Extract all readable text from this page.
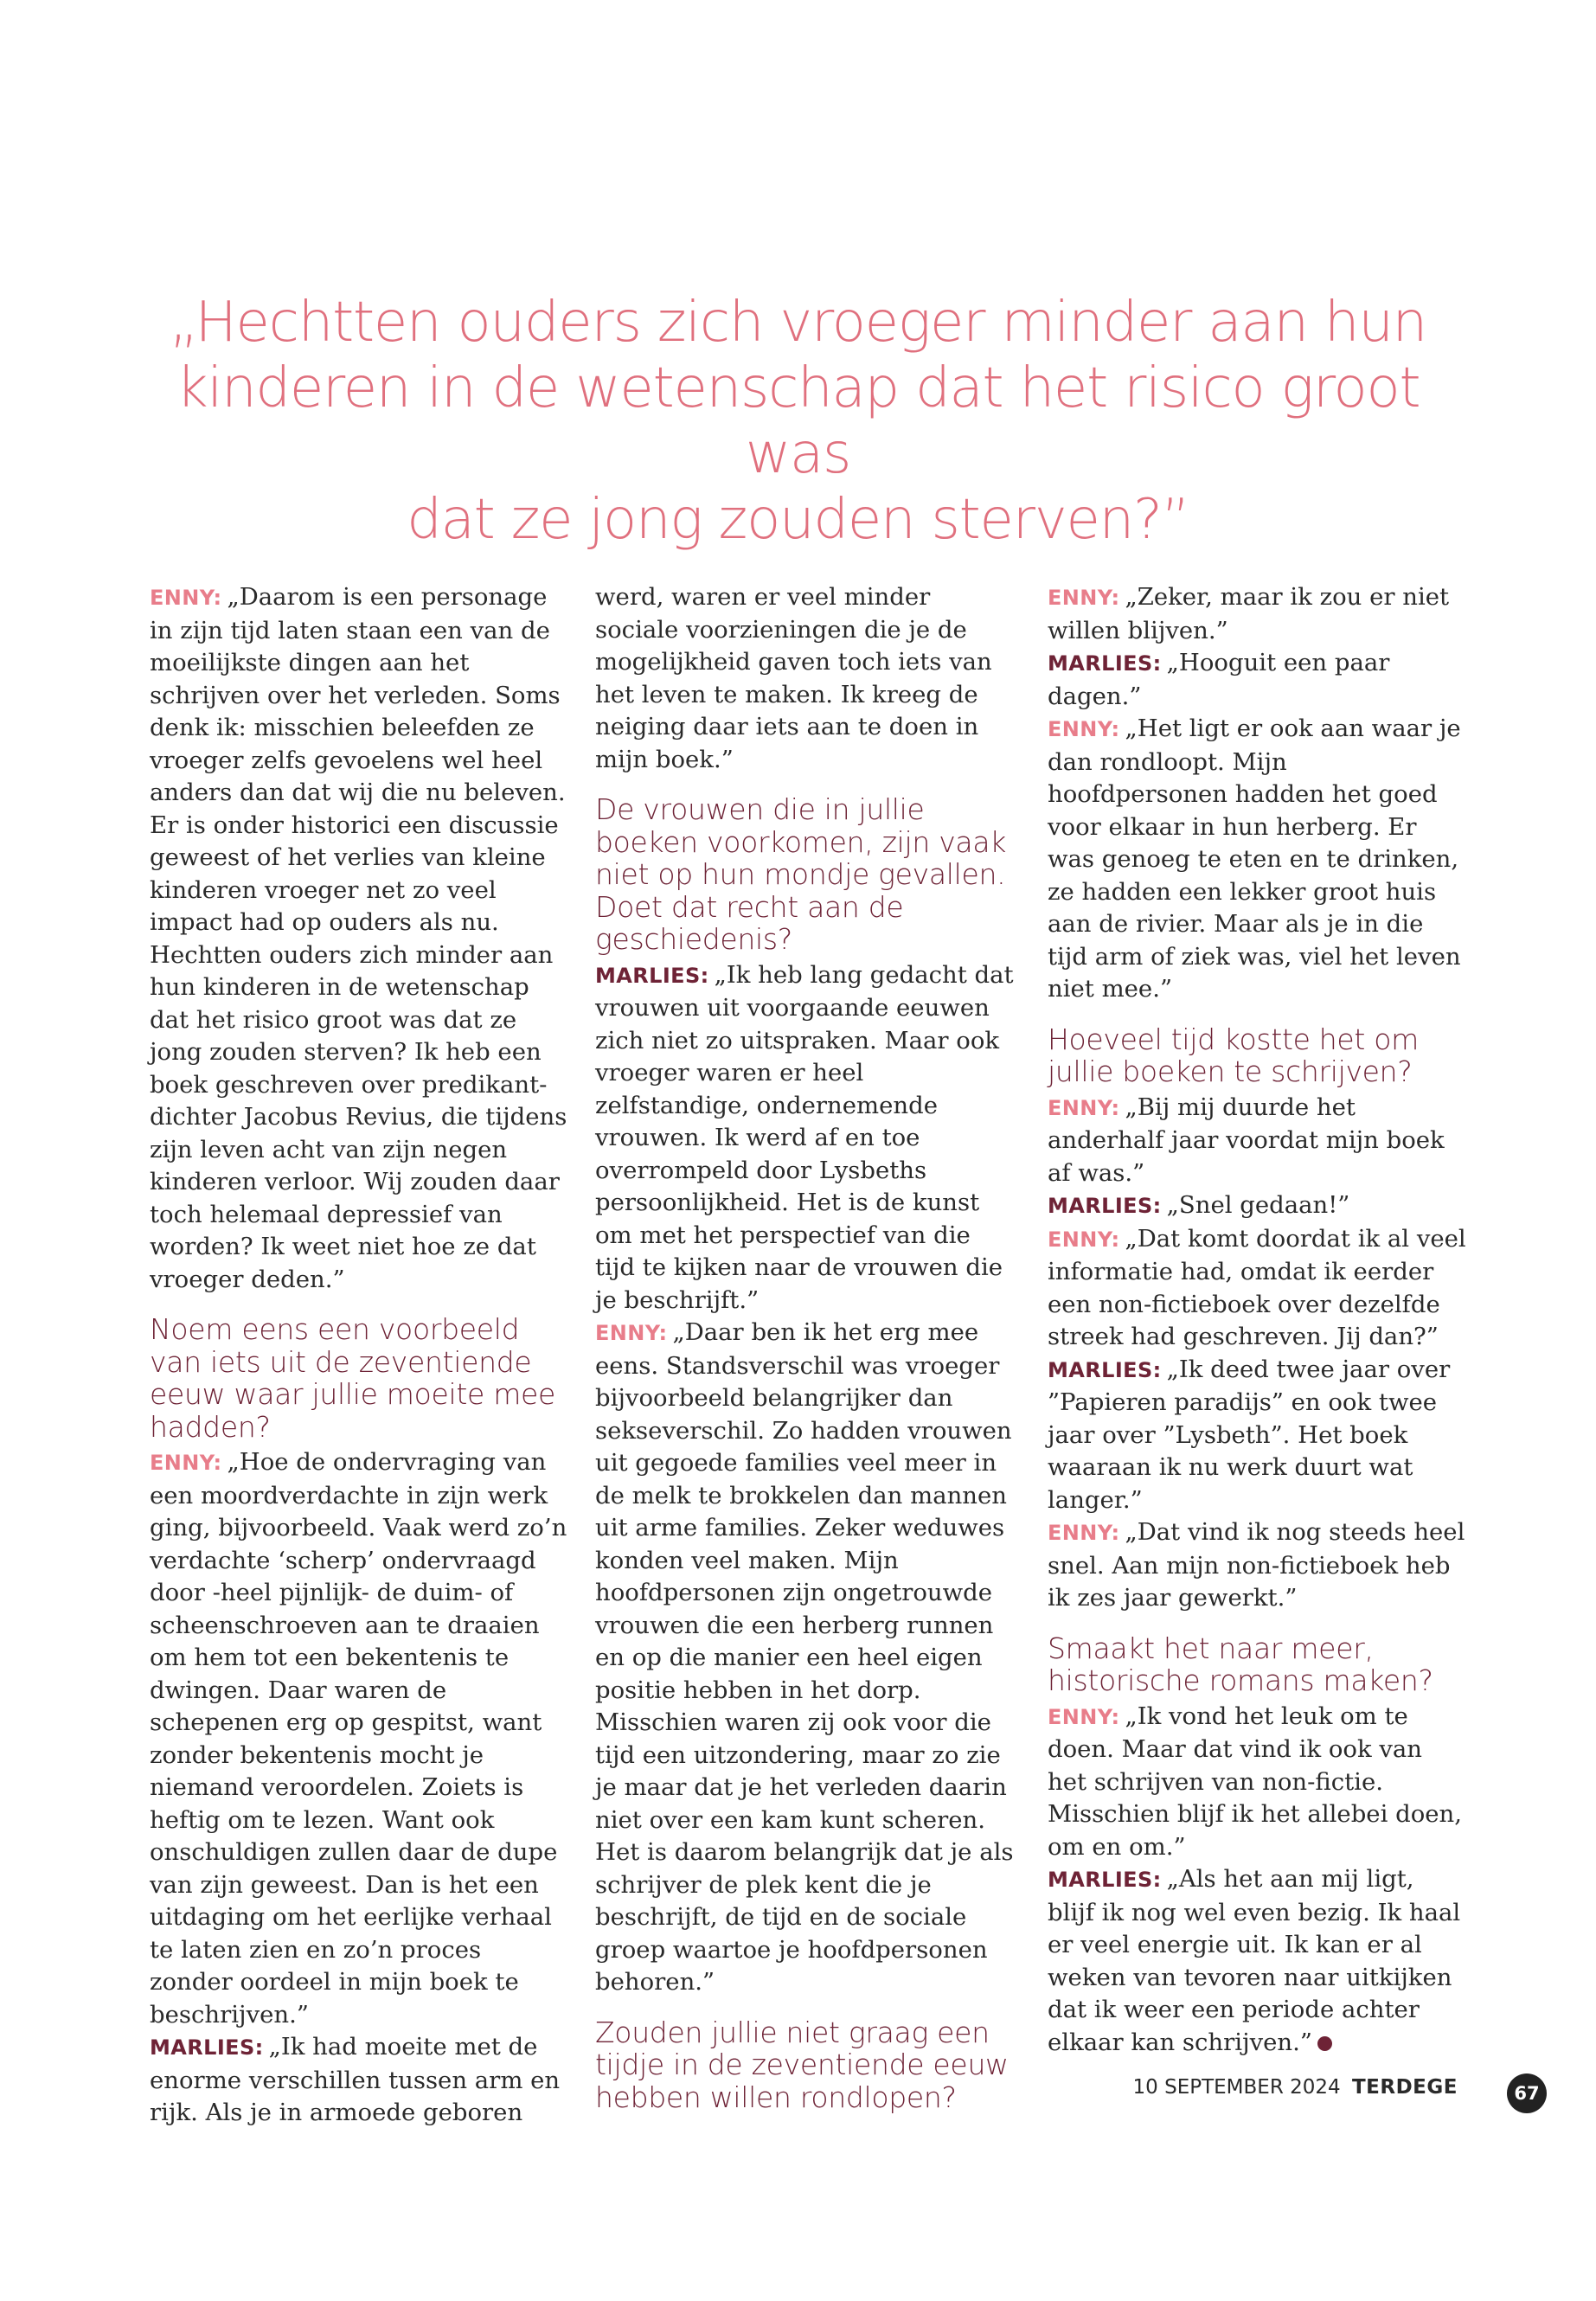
„Hechtten ouders zich vroeger minder aan hun
kinderen in de wetenschap dat het risico groot was
dat ze jong zouden sterven?”

ENNY: „Daarom is een personage in zijn tijd laten staan een van de moeilijkste dingen aan het schrijven over het verleden. Soms denk ik: misschien beleefden ze vroeger zelfs gevoelens wel heel anders dan dat wij die nu beleven. Er is onder historici een discussie geweest of het verlies van kleine kinderen vroeger net zo veel impact had op ouders als nu. Hechtten ouders zich minder aan hun kinderen in de wetenschap dat het risico groot was dat ze jong zouden sterven? Ik heb een boek geschreven over predikant-dichter Jacobus Revius, die tijdens zijn leven acht van zijn negen kinderen verloor. Wij zouden daar toch helemaal depressief van worden? Ik weet niet hoe ze dat vroeger deden.”

Noem eens een voorbeeld van iets uit de zeventiende eeuw waar jullie moeite mee hadden?

ENNY: „Hoe de ondervraging van een moordverdachte in zijn werk ging, bijvoorbeeld. Vaak werd zo’n verdachte ‘scherp’ ondervraagd door -heel pijnlijk- de duim- of scheenschroeven aan te draaien om hem tot een bekentenis te dwingen. Daar waren de schepenen erg op gespitst, want zonder bekentenis mocht je niemand veroordelen. Zoiets is heftig om te lezen. Want ook onschuldigen zullen daar de dupe van zijn geweest. Dan is het een uitdaging om het eerlijke verhaal te laten zien en zo’n proces zonder oordeel in mijn boek te beschrijven.”

MARLIES: „Ik had moeite met de enorme verschillen tussen arm en rijk. Als je in armoede geboren

werd, waren er veel minder sociale voorzieningen die je de mogelijkheid gaven toch iets van het leven te maken. Ik kreeg de neiging daar iets aan te doen in mijn boek.”

De vrouwen die in jullie boeken voorkomen, zijn vaak niet op hun mondje gevallen. Doet dat recht aan de geschiedenis?

MARLIES: „Ik heb lang gedacht dat vrouwen uit voorgaande eeuwen zich niet zo uitspraken. Maar ook vroeger waren er heel zelfstandige, ondernemende vrouwen. Ik werd af en toe overrompeld door Lysbeths persoonlijkheid. Het is de kunst om met het perspectief van die tijd te kijken naar de vrouwen die je beschrijft.”

ENNY: „Daar ben ik het erg mee eens. Standsverschil was vroeger bijvoorbeeld belangrijker dan sekseverschil. Zo hadden vrouwen uit gegoede families veel meer in de melk te brokkelen dan mannen uit arme families. Zeker weduwes konden veel maken. Mijn hoofdpersonen zijn ongetrouwde vrouwen die een herberg runnen en op die manier een heel eigen positie hebben in het dorp. Misschien waren zij ook voor die tijd een uitzondering, maar zo zie je maar dat je het verleden daarin niet over een kam kunt scheren. Het is daarom belangrijk dat je als schrijver de plek kent die je beschrijft, de tijd en de sociale groep waartoe je hoofdpersonen behoren.”

Zouden jullie niet graag een tijdje in de zeventiende eeuw hebben willen rondlopen?

ENNY: „Zeker, maar ik zou er niet willen blijven.”

MARLIES: „Hooguit een paar dagen.”

ENNY: „Het ligt er ook aan waar je dan rondloopt. Mijn hoofdpersonen hadden het goed voor elkaar in hun herberg. Er was genoeg te eten en te drinken, ze hadden een lekker groot huis aan de rivier. Maar als je in die tijd arm of ziek was, viel het leven niet mee.”

Hoeveel tijd kostte het om jullie boeken te schrijven?

ENNY: „Bij mij duurde het anderhalf jaar voordat mijn boek af was.”

MARLIES: „Snel gedaan!”

ENNY: „Dat komt doordat ik al veel informatie had, omdat ik eerder een non-fictieboek over dezelfde streek had geschreven. Jij dan?”

MARLIES: „Ik deed twee jaar over ”Papieren paradijs” en ook twee jaar over ”Lysbeth”. Het boek waaraan ik nu werk duurt wat langer.”

ENNY: „Dat vind ik nog steeds heel snel. Aan mijn non-fictieboek heb ik zes jaar gewerkt.”

Smaakt het naar meer, historische romans maken?

ENNY: „Ik vond het leuk om te doen. Maar dat vind ik ook van het schrijven van non-fictie. Misschien blijf ik het allebei doen, om en om.”

MARLIES: „Als het aan mij ligt, blijf ik nog wel even bezig. Ik haal er veel energie uit. Ik kan er al weken van tevoren naar uitkijken dat ik weer een periode achter elkaar kan schrijven.”

10 SEPTEMBER 2024 TERDEGE	67
